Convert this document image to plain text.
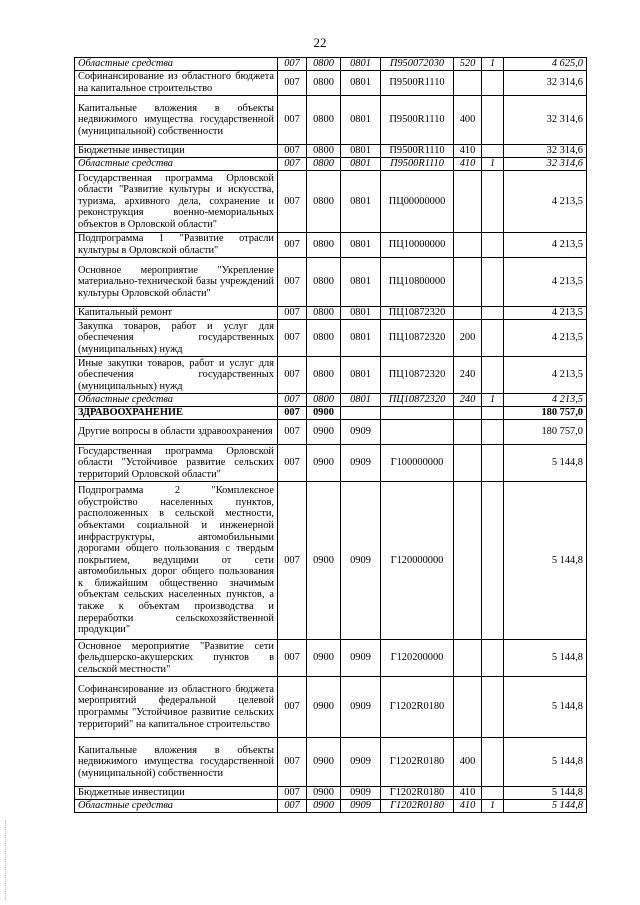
22
Областные средства	007	0800	0801	П950072030	520	1	4 625,0
Софинансирование из областного бюджета на капитальное строительство	007	0800	0801	П9500R1110			32 314,6
Капитальные вложения в объекты недвижимого имущества государственной (муниципальной) собственности	007	0800	0801	П9500R1110	400		32 314,6
Бюджетные инвестиции	007	0800	0801	П9500R1110	410		32 314,6
Областные средства	007	0800	0801	П9500R1110	410	1	32 314,6
Государственная программа Орловской области "Развитие культуры и искусства, туризма, архивного дела, сохранение и реконструкция военно-мемориальных объектов в Орловской области"	007	0800	0801	ПЦ00000000			4 213,5
Подпрограмма 1 "Развитие отрасли культуры в Орловской области"	007	0800	0801	ПЦ10000000			4 213,5
Основное мероприятие "Укрепление материально-технической базы учреждений культуры Орловской области"	007	0800	0801	ПЦ10800000			4 213,5
Капитальный ремонт	007	0800	0801	ПЦ10872320			4 213,5
Закупка товаров, работ и услуг для обеспечения государственных (муниципальных) нужд	007	0800	0801	ПЦ10872320	200		4 213,5
Иные закупки товаров, работ и услуг для обеспечения государственных (муниципальных) нужд	007	0800	0801	ПЦ10872320	240		4 213,5
Областные средства	007	0800	0801	ПЦ10872320	240	1	4 213,5
ЗДРАВООХРАНЕНИЕ	007	0900					180 757,0
Другие вопросы в области здравоохранения	007	0900	0909				180 757,0
Государственная программа Орловской области "Устойчивое развитие сельских территорий Орловской области"	007	0900	0909	Г100000000			5 144,8
Подпрограмма 2 "Комплексное обустройство населенных пунктов, расположенных в сельской местности, объектами социальной и инженерной инфраструктуры, автомобильными дорогами общего пользования с твердым покрытием, ведущими от сети автомобильных дорог общего пользования к ближайшим общественно значимым объектам сельских населенных пунктов, а также к объектам производства и переработки сельскохозяйственной продукции"	007	0900	0909	Г120000000			5 144,8
Основное мероприятие "Развитие сети фельдшерско-акушерских пунктов в сельской местности"	007	0900	0909	Г120200000			5 144,8
Софинансирование из областного бюджета мероприятий федеральной целевой программы "Устойчивое развитие сельских территорий" на капитальное строительство	007	0900	0909	Г1202R0180			5 144,8
Капитальные вложения в объекты недвижимого имущества государственной (муниципальной) собственности	007	0900	0909	Г1202R0180	400		5 144,8
Бюджетные инвестиции	007	0900	0909	Г1202R0180	410		5 144,8
Областные средства	007	0900	0909	Г1202R0180	410	1	5 144,8
